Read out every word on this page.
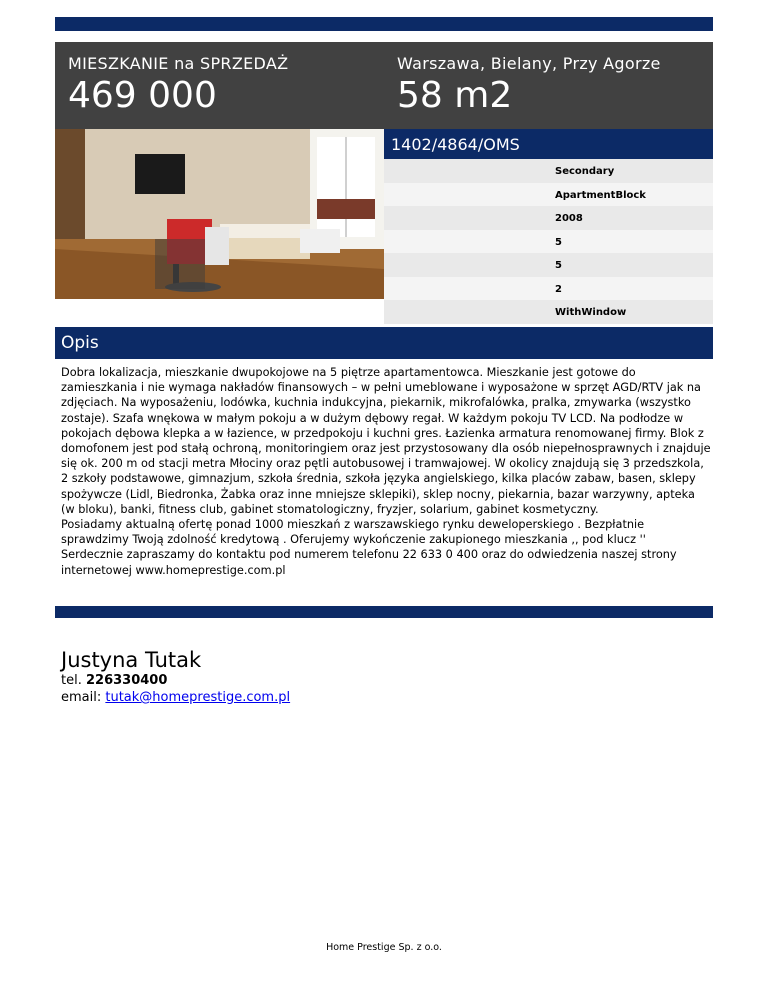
MIESZKANIE na SPRZEDAŻ
469 000
Warszawa, Bielany, Przy Agorze
58 m2
1402/4864/OMS
Secondary
ApartmentBlock
2008
5
5
2
WithWindow
Opis

Dobra lokalizacja, mieszkanie dwupokojowe na 5 piętrze apartamentowca. Mieszkanie jest gotowe do zamieszkania i nie wymaga nakładów finansowych – w pełni umeblowane i wyposażone w sprzęt AGD/RTV jak na zdjęciach. Na wyposażeniu, lodówka, kuchnia indukcyjna, piekarnik, mikrofalówka, pralka, zmywarka (wszystko zostaje). Szafa wnękowa w małym pokoju a w dużym dębowy regał. W każdym pokoju TV LCD. Na podłodze w pokojach dębowa klepka a w łazience, w przedpokoju i kuchni gres. Łazienka armatura renomowanej firmy. Blok z domofonem jest pod stałą ochroną, monitoringiem oraz jest przystosowany dla osób niepełnosprawnych i znajduje się ok. 200 m od stacji metra Młociny oraz pętli autobusowej i tramwajowej. W okolicy znajdują się 3 przedszkola, 2 szkoły podstawowe, gimnazjum, szkoła średnia, szkoła języka angielskiego, kilka placów zabaw, basen, sklepy spożywcze (Lidl, Biedronka, Żabka oraz inne mniejsze sklepiki), sklep nocny, piekarnia, bazar warzywny, apteka (w bloku), banki, fitness club, gabinet stomatologiczny, fryzjer, solarium, gabinet kosmetyczny.

Posiadamy aktualną ofertę ponad 1000 mieszkań z warszawskiego rynku deweloperskiego . Bezpłatnie sprawdzimy Twoją zdolność kredytową . Oferujemy wykończenie zakupionego mieszkania ,, pod klucz '' Serdecznie zapraszamy do kontaktu pod numerem telefonu 22 633 0 400 oraz do odwiedzenia naszej strony internetowej www.homeprestige.com.pl

Justyna Tutak
tel. 226330400
email: tutak@homeprestige.com.pl
Home Prestige Sp. z o.o.
